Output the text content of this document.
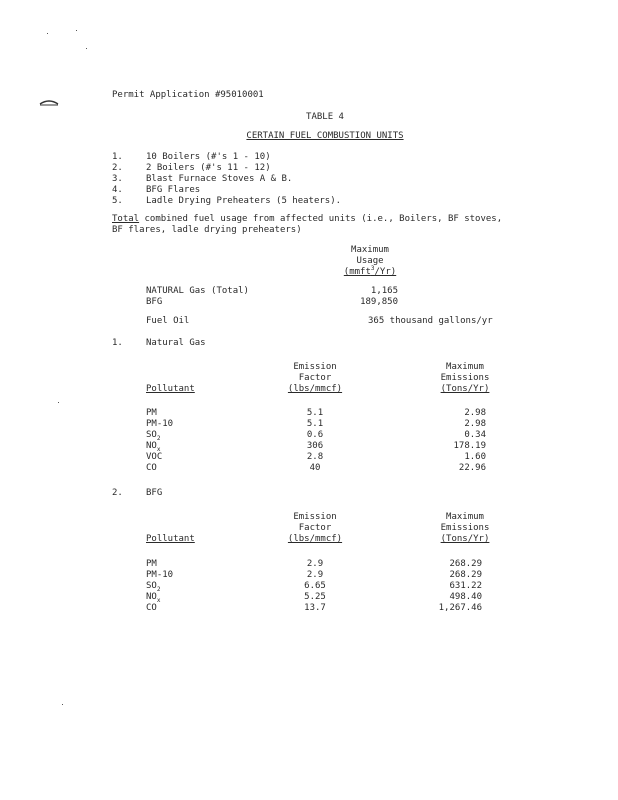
Permit Application #95010001
TABLE 4
CERTAIN FUEL COMBUSTION UNITS
1.	10 Boilers (#'s 1 - 10)
2.	2 Boilers (#'s 11 - 12)
3.	Blast Furnace Stoves A & B.
4.	BFG Flares
5.	Ladle Drying Preheaters (5 heaters).
Total combined fuel usage from affected units (i.e., Boilers, BF stoves,
BF flares, ladle drying preheaters)
Maximum
Usage
(mmft$^3$/Yr)
NATURAL Gas (Total)	1,165
BFG	189,850
Fuel Oil	365 thousand gallons/yr
1.	Natural Gas
Emission
Factor
(lbs/mmcf)
Maximum
Emissions
(Tons/Yr)
Pollutant
PM	5.1	2.98
PM-10	5.1	2.98
$SO_2$	0.6	0.34
$NO_x$	306	178.19
VOC	2.8	1.60
CO	40	22.96
2.	BFG
Emission
Factor
(lbs/mmcf)
Maximum
Emissions
(Tons/Yr)
Pollutant
PM	2.9	268.29
PM-10	2.9	268.29
$SO_2$	6.65	631.22
$NO_x$	5.25	498.40
CO	13.7	1,267.46
